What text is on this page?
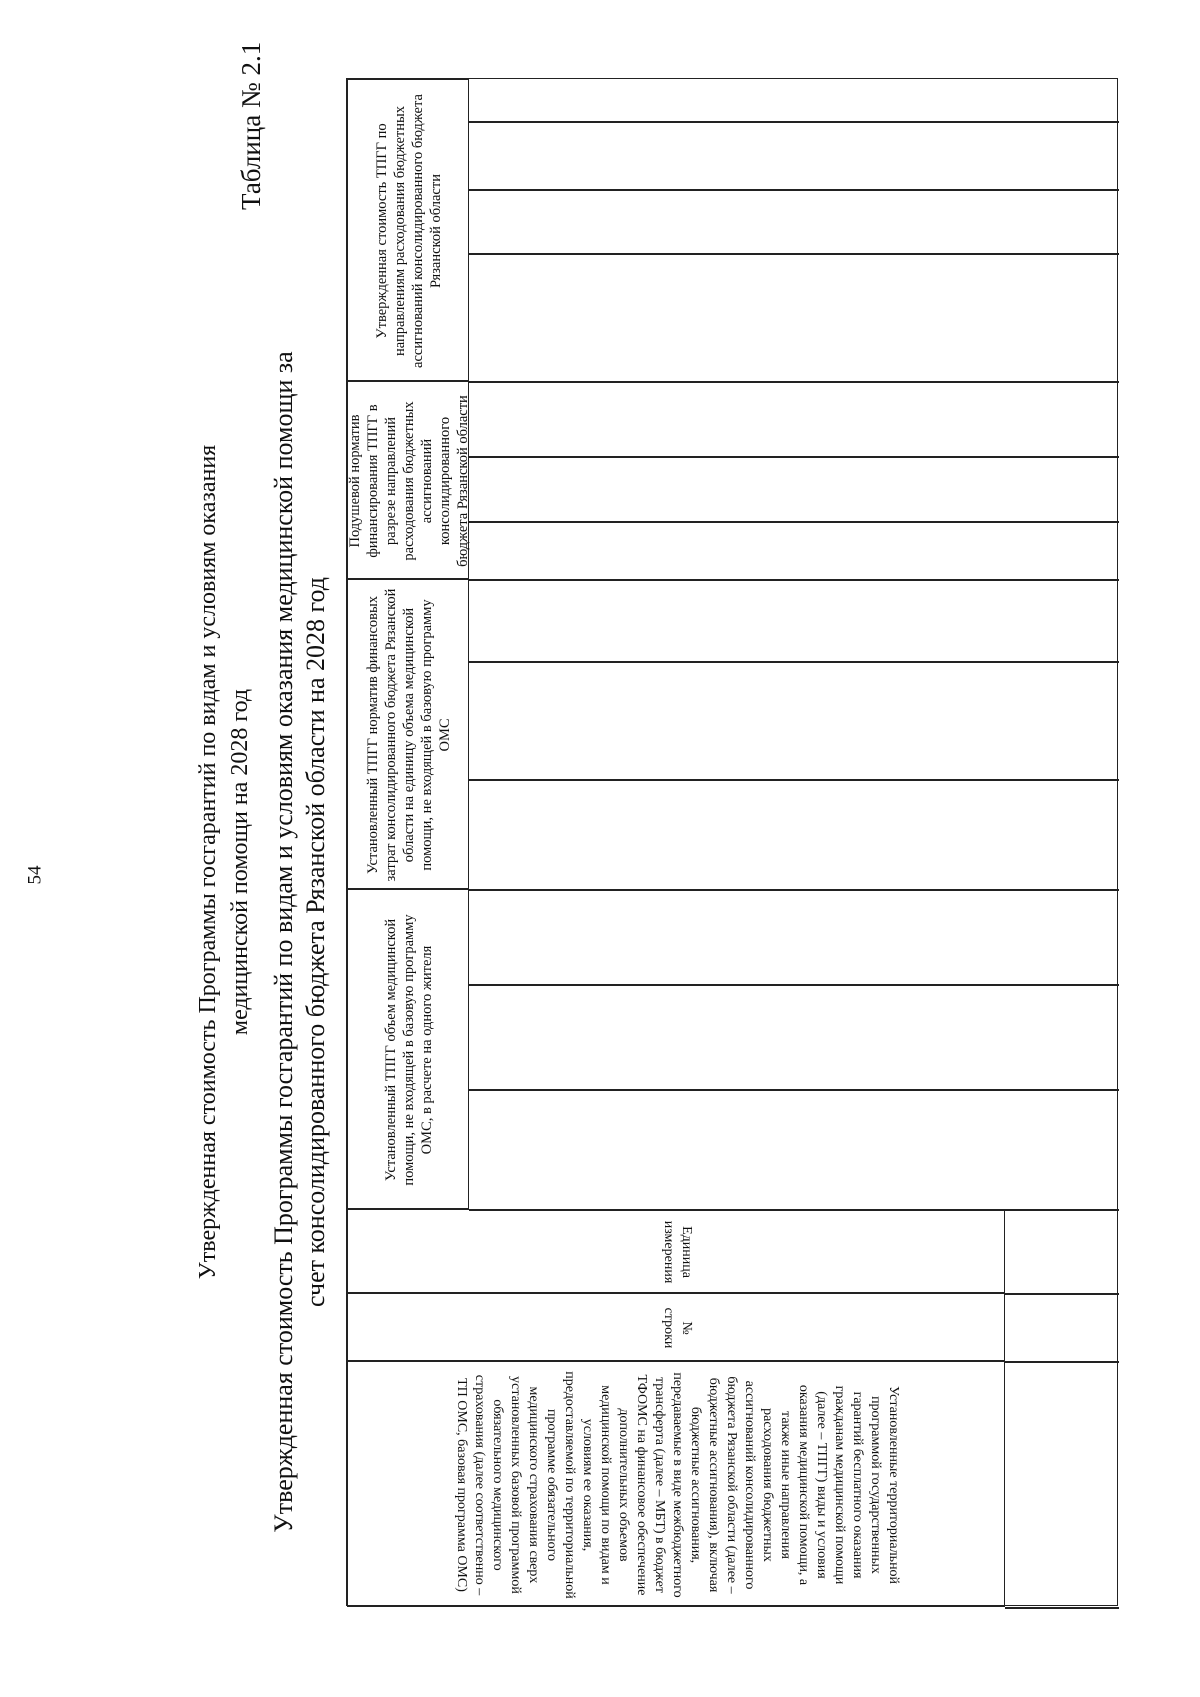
54	Утвержденная стоимость Программы госгарантий по видам и условиям оказания медицинской помощи на 2028 год Утвержденная стоимость Программы госгарантий по видам и условиям оказания медицинской помощи за счет консолидированного бюджета Рязанской области на 2028 год
Таблица № 2.1
Установленный ТПГГ объем медицинской помощи, не входящей в базовую программу ОМС, в расчете на одного жителя
Установленный ТПГГ норматив финансовых затрат консолидированного бюджета Рязанской области на единицу объема медицинской помощи, не входящей в базовую программу ОМС
Подушевой норматив финансирования ТПГГ в разрезе направлений расходования бюджетных ассигнований консолидированного бюджета Рязанской области
Утвержденная стоимость ТПГГ по направлениям расходования бюджетных ассигнований консолидированного бюджета Рязанской области
Установленные территориальной программой государственных гарантий бесплатного оказания гражданам медицинской помощи (далее – ТПГГ) виды и условия оказания медицинской помощи, а также иные направления расходования бюджетных ассигнований консолидированного бюджета Рязанской области (далее – бюджетные ассигнования), включая бюджетные ассигнования, передаваемые в виде межбюджетного трансферта (далее – МБТ) в бюджет ТФОМС на финансовое обеспечение дополнительных объемов медицинской помощи по видам и условиям ее оказания, предоставляемой по территориальной программе обязательного медицинского страхования сверх установленных базовой программой обязательного медицинского страхования (далее соответственно – ТП ОМС, базовая программа ОМС)
№ строки
Единица измерения
